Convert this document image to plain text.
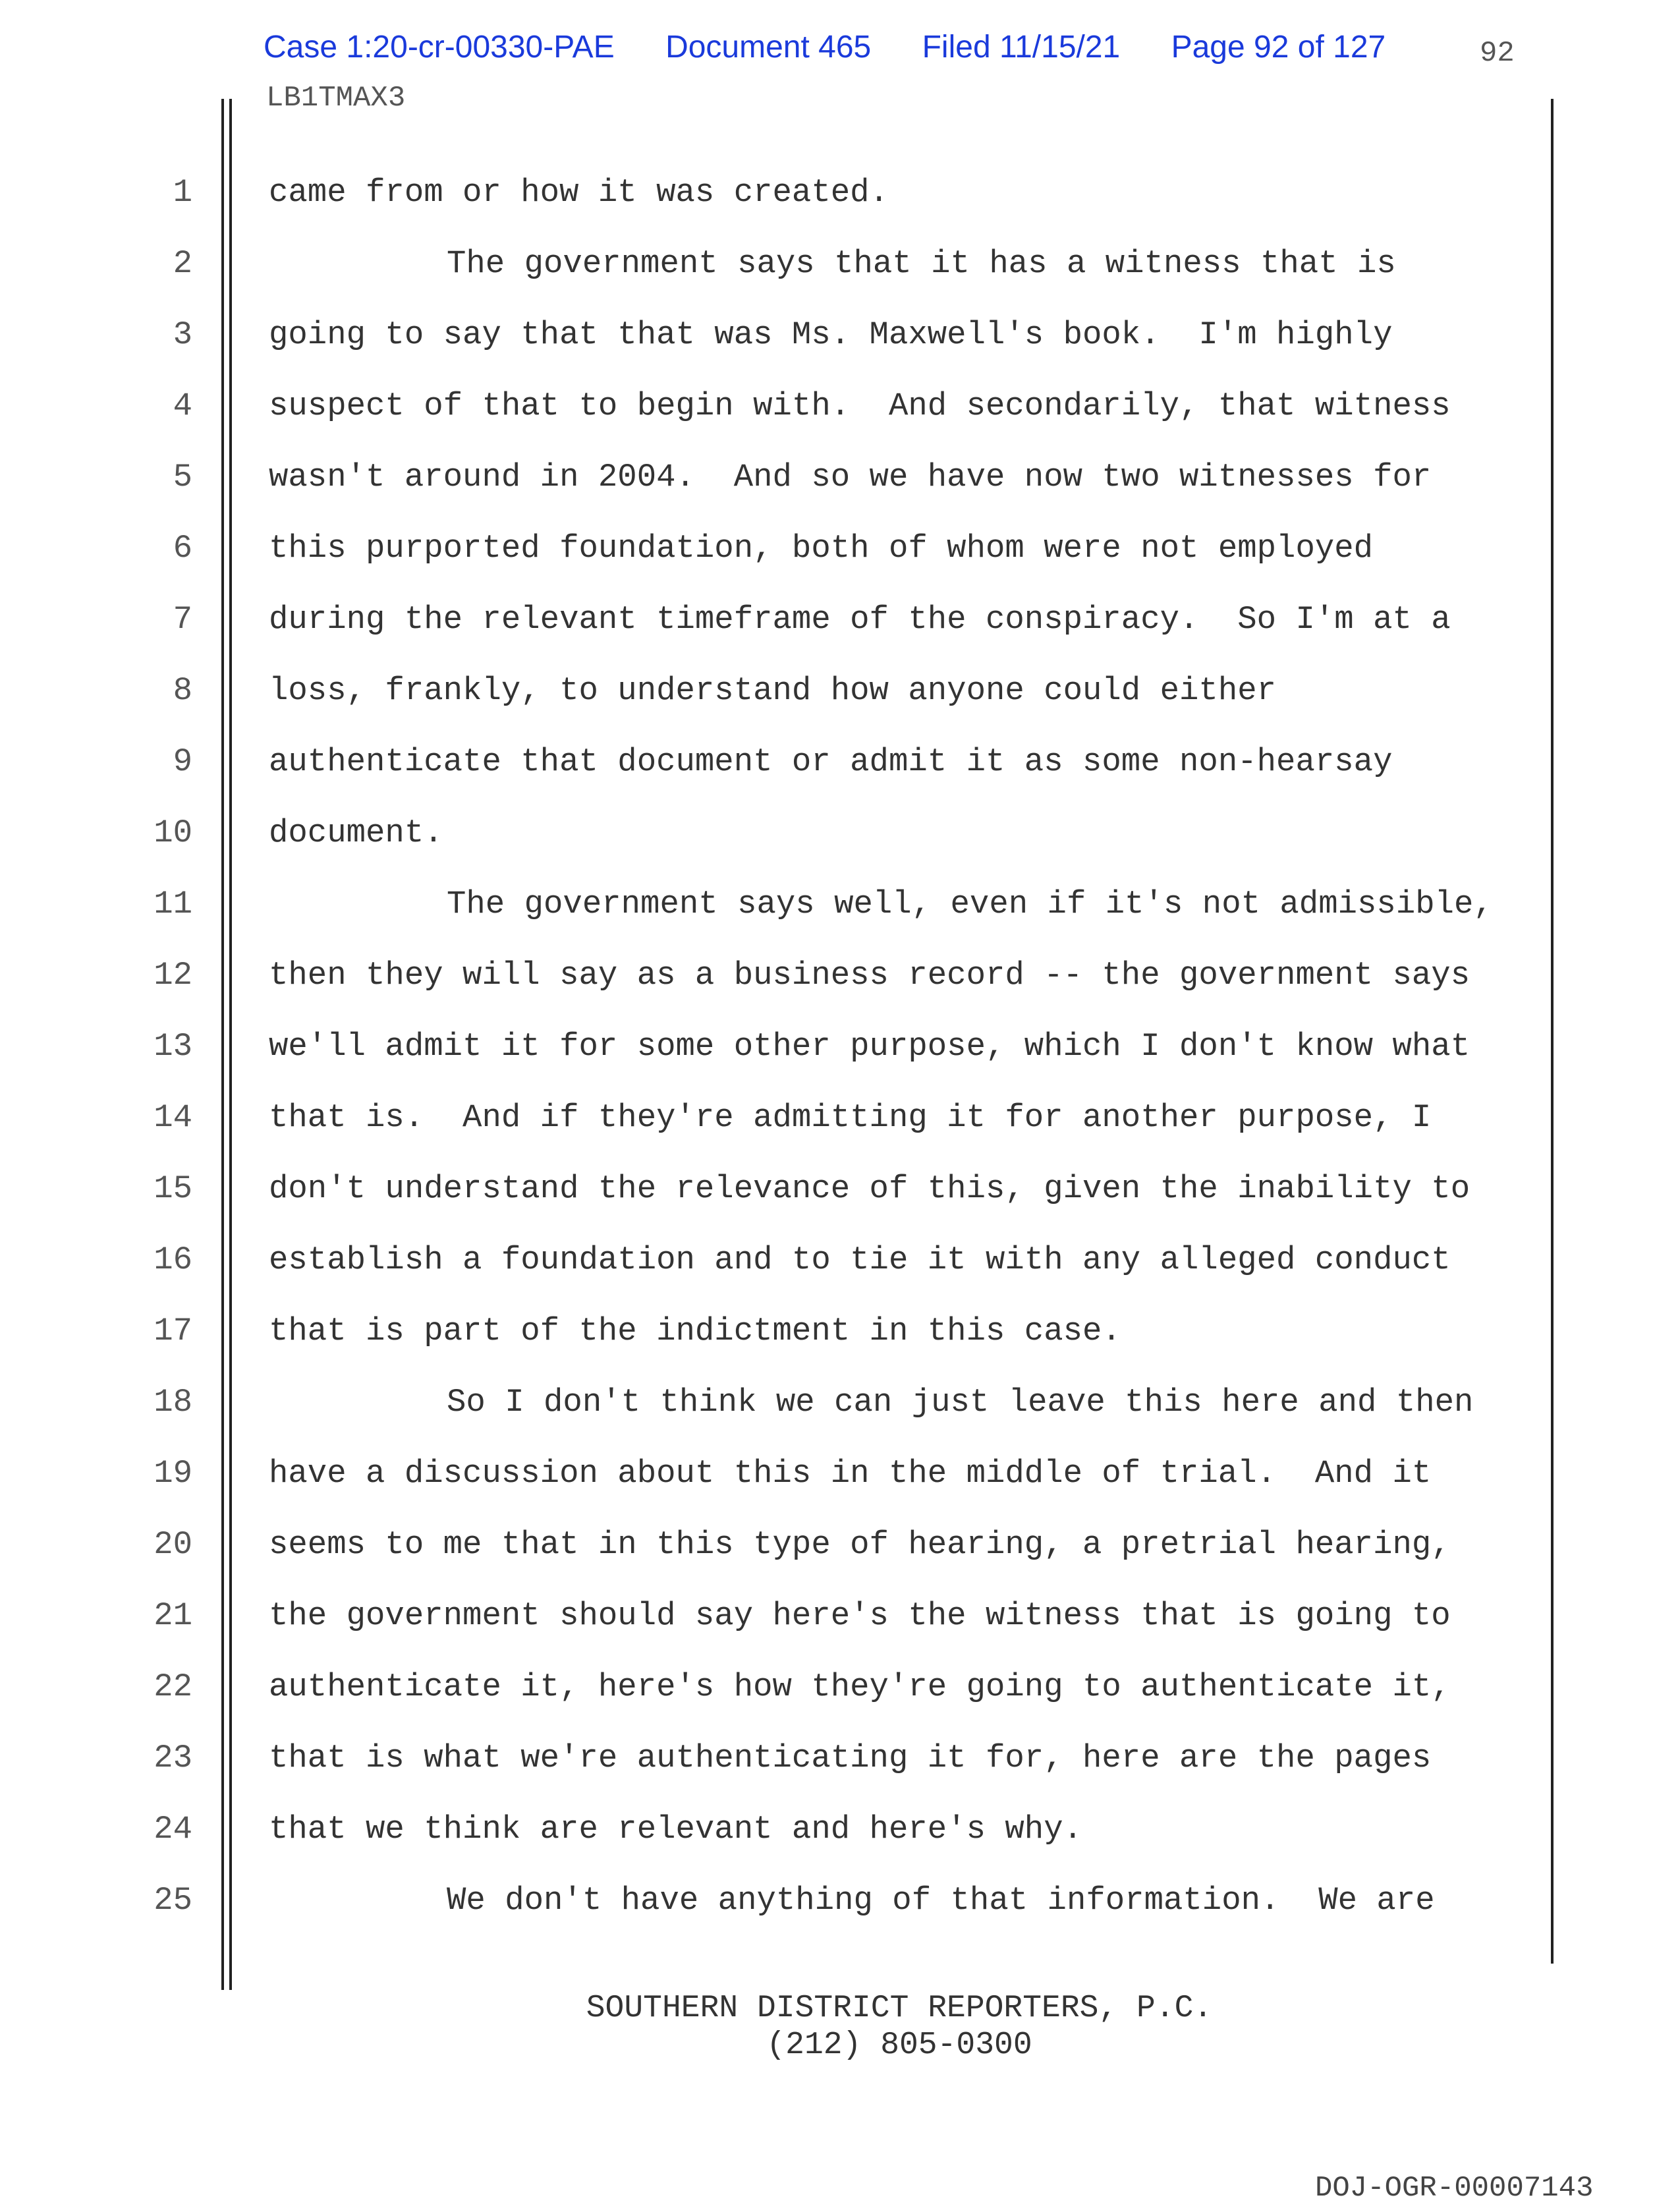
Case 1:20-cr-00330-PAE Document 465 Filed 11/15/21 Page 92 of 127	92
LB1TMAX3
1 came from or how it was created.
2	The government says that it has a witness that is
3 going to say that that was Ms. Maxwell's book.  I'm highly
4 suspect of that to begin with.  And secondarily, that witness
5 wasn't around in 2004.  And so we have now two witnesses for
6 this purported foundation, both of whom were not employed
7 during the relevant timeframe of the conspiracy.  So I'm at a
8 loss, frankly, to understand how anyone could either
9 authenticate that document or admit it as some non-hearsay
10 document.
11	The government says well, even if it's not admissible,
12 then they will say as a business record -- the government says
13 we'll admit it for some other purpose, which I don't know what
14 that is.  And if they're admitting it for another purpose, I
15 don't understand the relevance of this, given the inability to
16 establish a foundation and to tie it with any alleged conduct
17 that is part of the indictment in this case.
18	So I don't think we can just leave this here and then
19 have a discussion about this in the middle of trial.  And it
20 seems to me that in this type of hearing, a pretrial hearing,
21 the government should say here's the witness that is going to
22 authenticate it, here's how they're going to authenticate it,
23 that is what we're authenticating it for, here are the pages
24 that we think are relevant and here's why.
25	We don't have anything of that information.  We are
SOUTHERN DISTRICT REPORTERS, P.C.
(212) 805-0300
DOJ-OGR-00007143
